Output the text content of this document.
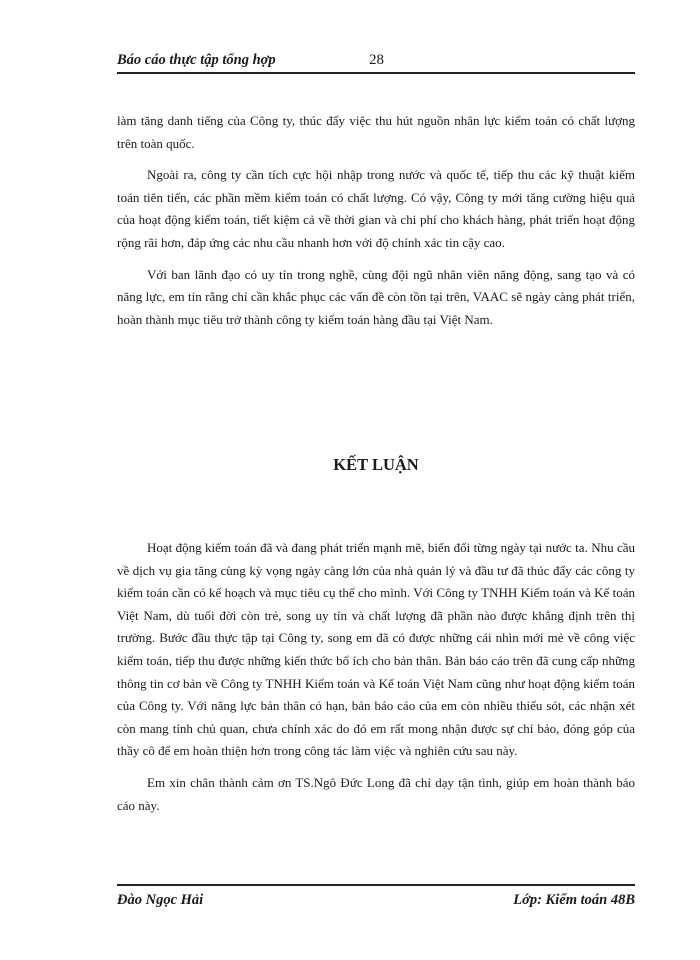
Báo cáo thực tập tổng hợp	28

làm tăng danh tiếng của Công ty, thúc đẩy việc thu hút nguồn nhân lực kiểm toán có chất lượng trên toàn quốc.

Ngoài ra, công ty cần tích cực hội nhập trong nước và quốc tế, tiếp thu các kỹ thuật kiểm toán tiên tiến, các phần mềm kiểm toán có chất lượng. Có vậy, Công ty mới tăng cường hiệu quả của hoạt động kiểm toán, tiết kiệm cả về thời gian và chi phí cho khách hàng, phát triển hoạt động rộng rãi hơn, đáp ứng các nhu cầu nhanh hơn với độ chính xác tin cậy cao.

Với ban lãnh đạo có uy tín trong nghề, cùng đội ngũ nhân viên năng động, sang tạo và có năng lực, em tin rằng chỉ cần khắc phục các vấn đề còn tồn tại trên, VAAC sẽ ngày càng phát triển, hoàn thành mục tiêu trở thành công ty kiểm toán hàng đầu tại Việt Nam.

KẾT LUẬN

Hoạt động kiểm toán đã và đang phát triển mạnh mẽ, biến đổi từng ngày tại nước ta. Nhu cầu về dịch vụ gia tăng cùng kỳ vọng ngày càng lớn của nhà quản lý và đầu tư đã thúc đẩy các công ty kiểm toán cần có kế hoạch và mục tiêu cụ thể cho mình. Với Công ty TNHH Kiểm toán và Kế toán Việt Nam, dù tuổi đời còn trẻ, song uy tín và chất lượng đã phần nào được khẳng định trên thị trường. Bước đầu thực tập tại Công ty, song em đã có được những cái nhìn mới mẻ về công việc kiểm toán, tiếp thu được những kiến thức bổ ích cho bản thân. Bản báo cáo trên đã cung cấp những thông tin cơ bản về Công ty TNHH Kiểm toán và Kế toán Việt Nam cũng như hoạt động kiểm toán của Công ty. Với năng lực bản thân có hạn, bản báo cáo của em còn nhiều thiếu sót, các nhận xét còn mang tính chủ quan, chưa chính xác do đó em rất mong nhận được sự chỉ bảo, đóng góp của thầy cô để em hoàn thiện hơn trong công tác làm việc và nghiên cứu sau này.

Em xin chân thành cảm ơn TS.Ngô Đức Long đã chỉ dạy tận tình, giúp em hoàn thành báo cáo này.

Đào Ngọc Hải	Lớp: Kiểm toán 48B
